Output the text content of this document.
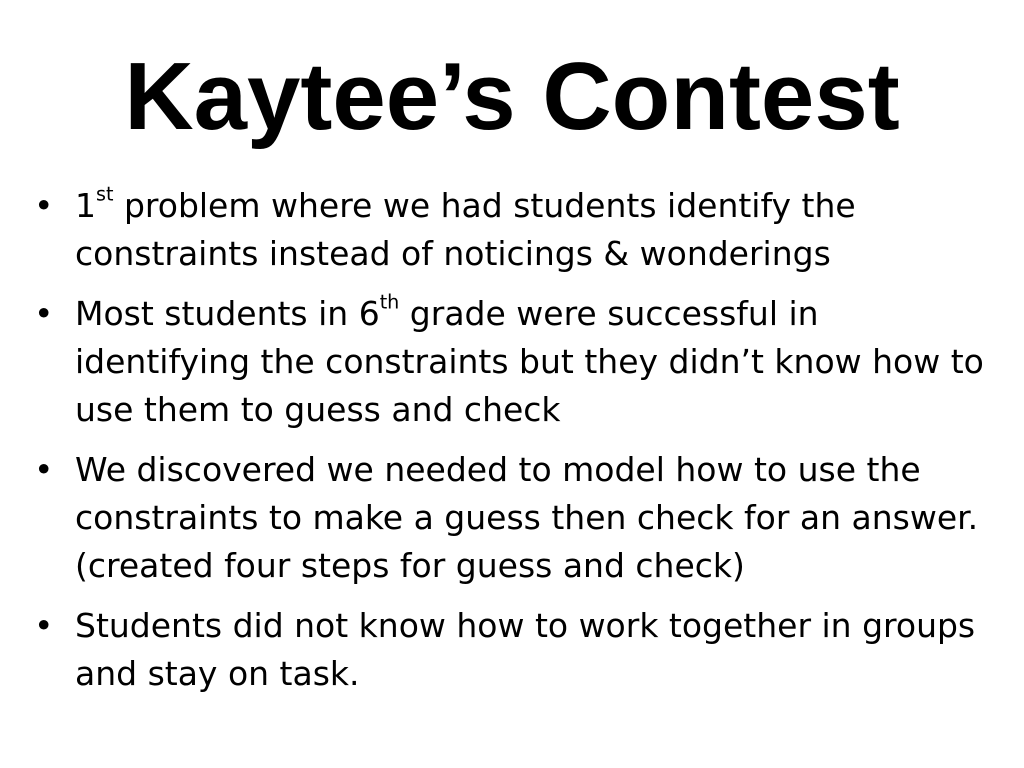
Kaytee’s Contest
• 1st problem where we had students identify the constraints instead of noticings & wonderings
• Most students in 6th grade were successful in identifying the constraints but they didn’t know how to use them to guess and check
• We discovered we needed to model how to use the constraints to make a guess then check for an answer. (created four steps for guess and check)
• Students did not know how to work together in groups and stay on task.
